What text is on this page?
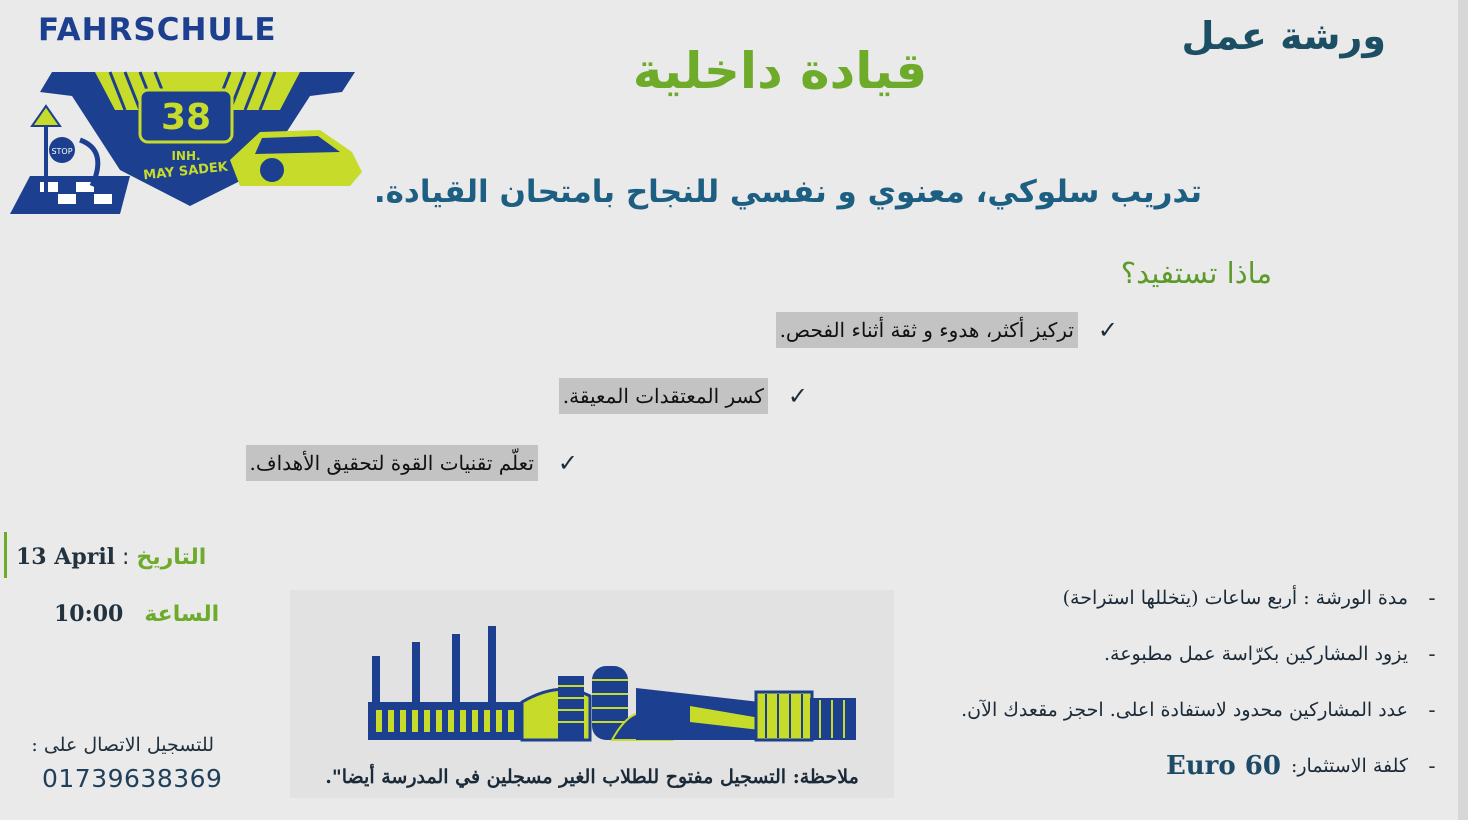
FAHRSCHULE
38
INH.
MAY SADEK
STOP
ورشة عمل
قيادة داخلية
تدريب سلوكي، معنوي و نفسي للنجاح بامتحان القيادة.
ماذا تستفيد؟
✓
تركيز أكثر، هدوء و ثقة أثناء الفحص.
✓
كسر المعتقدات المعيقة.
✓
تعلّم تقنيات القوة لتحقيق الأهداف.
13 April : التاريخ
10:00 الساعة
للتسجيل الاتصال على :
01739638369	ملاحظة: التسجيل مفتوح للطلاب الغير مسجلين في المدرسة أيضا".
-
مدة الورشة : أربع ساعات (يتخللها استراحة)
-
يزود المشاركين بكرّاسة عمل مطبوعة.
-
عدد المشاركين محدود لاستفادة اعلى. احجز مقعدك الآن.
-
كلفة الاستثمار:
60 Euro
